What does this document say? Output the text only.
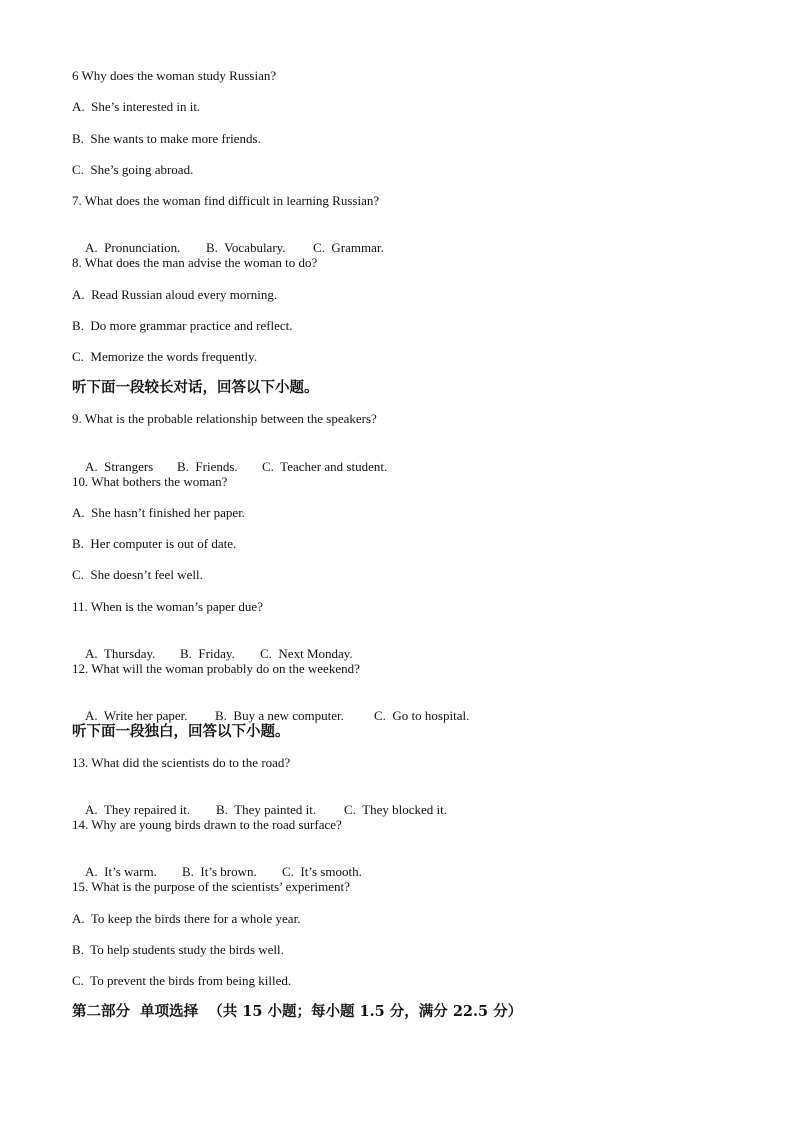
6 Why does the woman study Russian?
A.  She’s interested in it.
B.  She wants to make more friends.
C.  She’s going abroad.
7. What does the woman find difficult in learning Russian?

A.  Pronunciation. B.  Vocabulary. C.  Grammar.

8. What does the man advise the woman to do?
A.  Read Russian aloud every morning.
B.  Do more grammar practice and reflect.
C.  Memorize the words frequently.
听下面一段较长对话，回答以下小题。
9. What is the probable relationship between the speakers?

A.  Strangers B.  Friends. C.  Teacher and student.

10. What bothers the woman?
A.  She hasn’t finished her paper.
B.  Her computer is out of date.
C.  She doesn’t feel well.
11. When is the woman’s paper due?

A.  Thursday. B.  Friday. C.  Next Monday.

12. What will the woman probably do on the weekend?

A.  Write her paper. B.  Buy a new computer. C.  Go to hospital.

听下面一段独白，回答以下小题。
13. What did the scientists do to the road?

A.  They repaired it. B.  They painted it. C.  They blocked it.

14. Why are young birds drawn to the road surface?

A.  It’s warm. B.  It’s brown. C.  It’s smooth.

15. What is the purpose of the scientists’ experiment?
A.  To keep the birds there for a whole year.
B.  To help students study the birds well.
C.  To prevent the birds from being killed.
第二部分  单项选择  （共 15 小题；每小题 1.5 分，满分 22.5 分）
